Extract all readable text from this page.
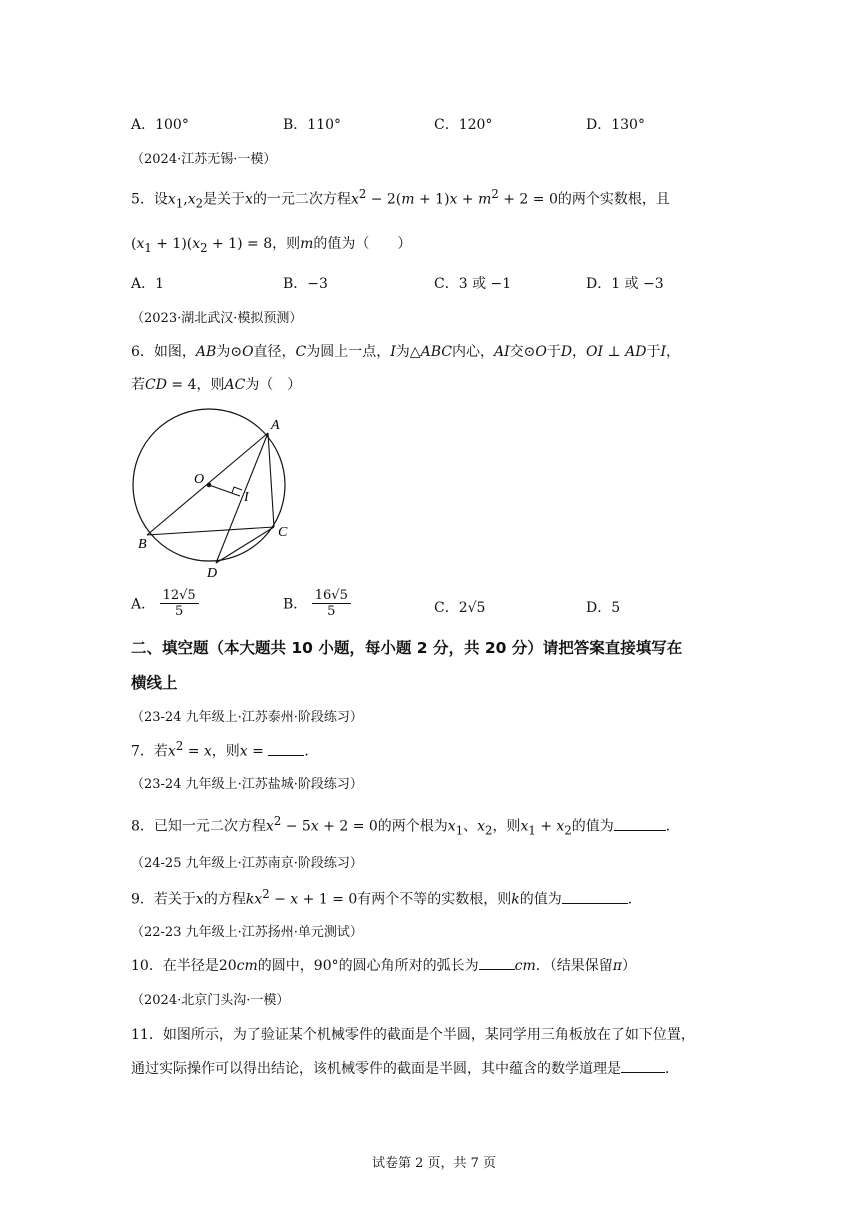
A．100°	B．110°	C．120°	D．130°
（2024·江苏无锡·一模）
5．设$x_1,x_2$是关于x的一元二次方程$x^2 - 2(m + 1)x + m^2 + 2 = 0$的两个实数根，且
$(x_1 + 1)(x_2 + 1) = 8$，则m的值为（　　）
A．1	B．−3	C．3 或 −1	D．1 或 −3
（2023·湖北武汉·模拟预测）
6．如图，AB为⊙O直径，C为圆上一点，I为△ABC内心，AI交⊙O于D，OI ⊥ AD于I，
若CD = 4，则AC为（　）
A
O
I
B
C
D
A． $\frac{12√5}{5}$	B． $\frac{16√5}{5}$	C．2√5	D．5
二、填空题（本大题共 10 小题，每小题 2 分，共 20 分）请把答案直接填写在
横线上
（23-24 九年级上·江苏泰州·阶段练习）
7．若$x^2 = x$，则x =	．
（23-24 九年级上·江苏盐城·阶段练习）
8．已知一元二次方程$x^2 - 5x + 2 = 0$的两个根为$x_1$、$x_2$，则$x_1 + x_2$的值为	．
（24-25 九年级上·江苏南京·阶段练习）
9．若关于x的方程$kx^2 - x + 1 = 0$有两个不等的实数根，则k的值为	．
（22-23 九年级上·江苏扬州·单元测试）
10．在半径是20cm的圆中，90°的圆心角所对的弧长为	cm．（结果保留π）
（2024·北京门头沟·一模）
11．如图所示，为了验证某个机械零件的截面是个半圆，某同学用三角板放在了如下位置，
通过实际操作可以得出结论，该机械零件的截面是半圆，其中蕴含的数学道理是	．
试卷第 2 页，共 7 页
